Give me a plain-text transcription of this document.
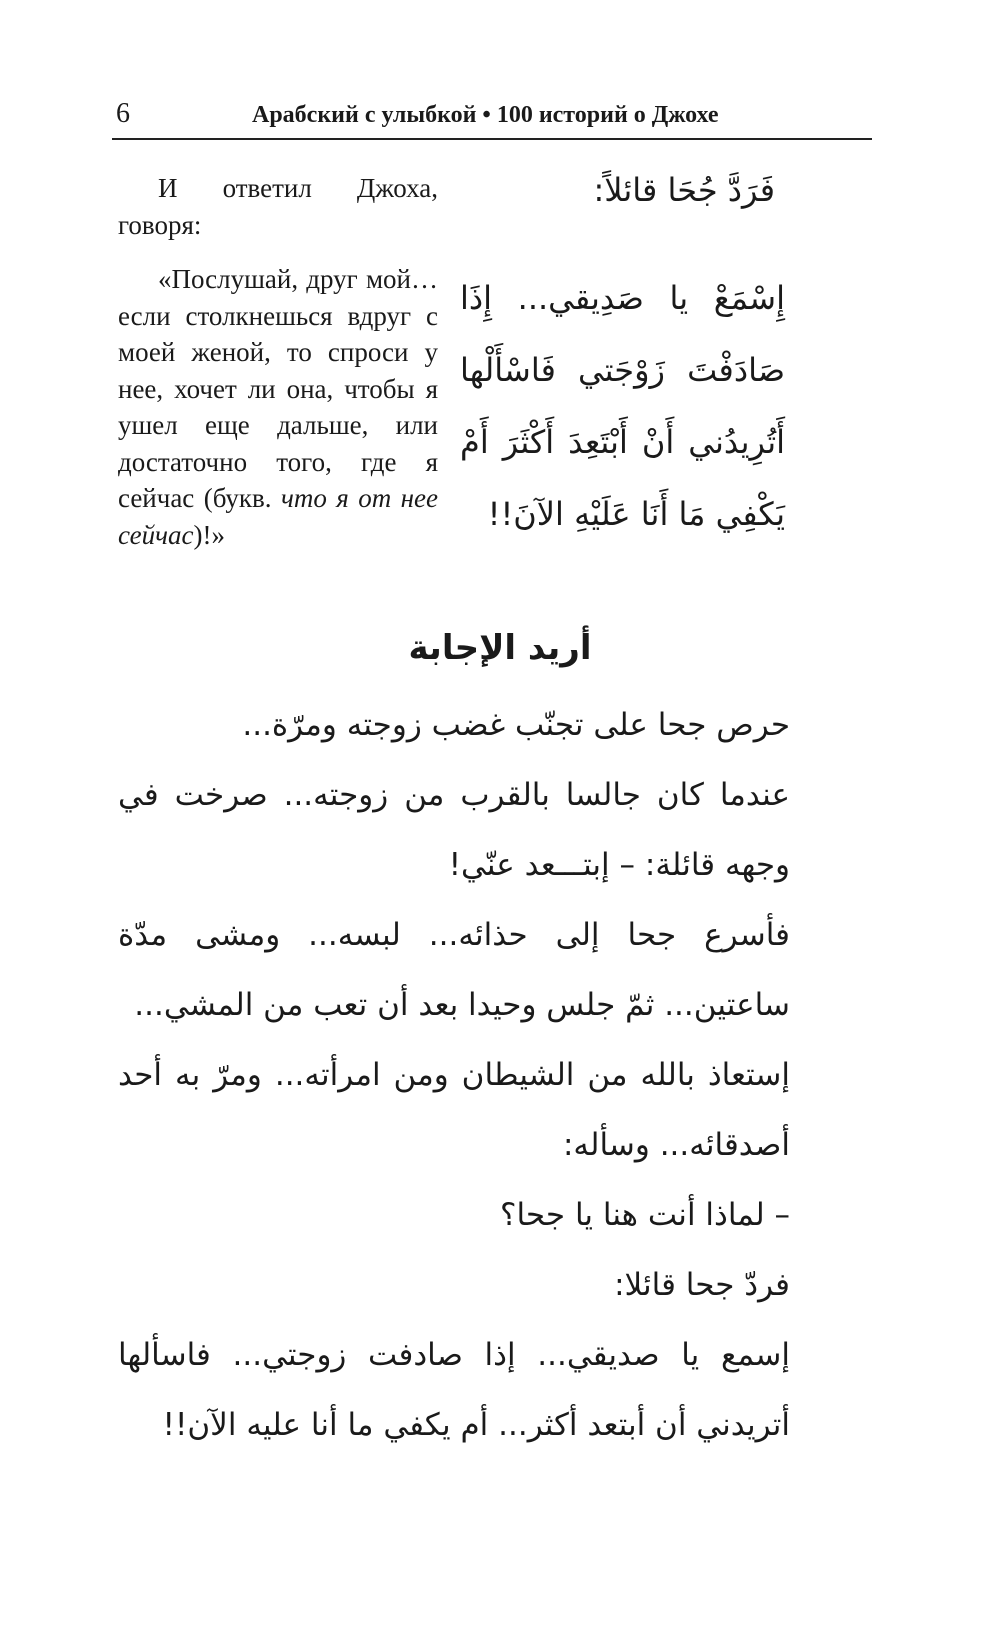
6	Арабский с улыбкой • 100 историй о Джохе

И ответил Джоха, говоря:

«Послушай, друг мой… если столкнешься вдруг с моей женой, то спроси у нее, хочет ли она, чтобы я ушел еще дальше, или достаточно того, где я сейчас (букв. что я от нее сейчас)!»

فَرَدَّ جُحَا قائلاً:
إِسْمَعْ يا صَدِيقي... إِذَا صَادَفْتَ زَوْجَتي فَاسْأَلْها أَتُرِيدُني أَنْ أَبْتَعِدَ أَكْثَرَ أَمْ يَكْفِي مَا أَنَا عَلَيْهِ الآنَ!!
أريد الإجابة

حرص جحا على تجنّب غضب زوجته ومرّة...

عندما كان جالسا بالقرب من زوجته... صرخت في وجهه قائلة: – إبتـــعد عنّي!

فأسرع جحا إلى حذائه... لبسه... ومشى مدّة ساعتين... ثمّ جلس وحيدا بعد أن تعب من المشي...

إستعاذ بالله من الشيطان ومن امرأته... ومرّ به أحد أصدقائه... وسأله:

– لماذا أنت هنا يا جحا؟

فردّ جحا قائلا:

إسمع يا صديقي... إذا صادفت زوجتي... فاسألها أتريدني أن أبتعد أكثر... أم يكفي ما أنا عليه الآن!!
